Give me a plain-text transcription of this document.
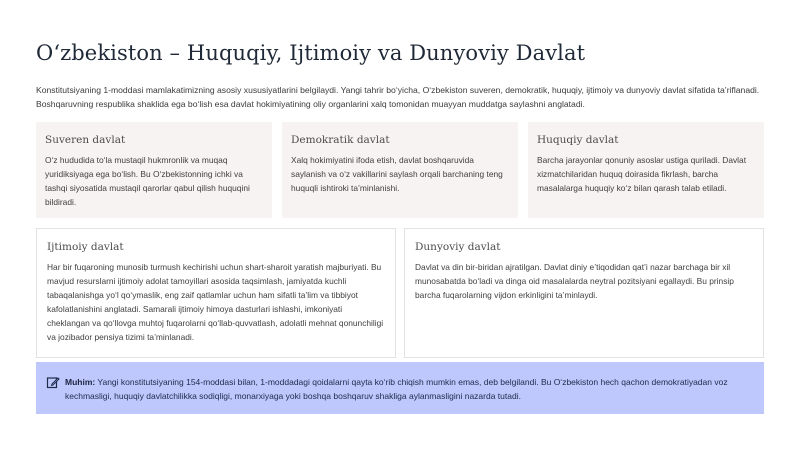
O‘zbekiston – Huquqiy, Ijtimoiy va Dunyoviy Davlat

Konstitutsiyaning 1-moddasi mamlakatimizning asosiy xususiyatlarini belgilaydi. Yangi tahrir bo‘yicha, O‘zbekiston suveren, demokratik, huquqiy, ijtimoiy va dunyoviy davlat sifatida ta’riflanadi. Boshqaruvning respublika shaklida ega bo‘lish esa davlat hokimiyatining oliy organlarini xalq tomonidan muayyan muddatga saylashni anglatadi.

Suveren davlat
O‘z hududida to‘la mustaqil hukmronlik va muqaq yuridiksiyaga ega bo‘lish. Bu O‘zbekistonning ichki va tashqi siyosatida mustaqil qarorlar qabul qilish huquqini bildiradi.
Demokratik davlat
Xalq hokimiyatini ifoda etish, davlat boshqaruvida saylanish va o‘z vakillarini saylash orqali barchaning teng huquqli ishtiroki ta’minlanishi.
Huquqiy davlat
Barcha jarayonlar qonuniy asoslar ustiga quriladi. Davlat xizmatchilaridan huquq doirasida fikrlash, barcha masalalarga huquqiy ko‘z bilan qarash talab etiladi.
Ijtimoiy davlat
Har bir fuqaroning munosib turmush kechirishi uchun shart-sharoit yaratish majburiyati. Bu mavjud resurslarni ijtimoiy adolat tamoyillari asosida taqsimlash, jamiyatda kuchli tabaqalanishga yo‘l qo‘ymaslik, eng zaif qatlamlar uchun ham sifatli ta’lim va tibbiyot kafolatlanishini anglatadi. Samarali ijtimoiy himoya dasturlari ishlashi, imkoniyati cheklangan va qo‘llovga muhtoj fuqarolarni qo‘llab-quvvatlash, adolatli mehnat qonunchiligi va jozibador pensiya tizimi ta’minlanadi.
Dunyoviy davlat
Davlat va din bir-biridan ajratilgan. Davlat diniy e’tiqodidan qat’i nazar barchaga bir xil munosabatda bo‘ladi va dinga oid masalalarda neytral pozitsiyani egallaydi. Bu prinsip barcha fuqarolarning vijdon erkinligini ta’minlaydi.

Muhim: Yangi konstitutsiyaning 154-moddasi bilan, 1-moddadagi qoidalarni qayta ko‘rib chiqish mumkin emas, deb belgilandi. Bu O‘zbekiston hech qachon demokratiyadan voz kechmasligi, huquqiy davlatchilikka sodiqligi, monarxiyaga yoki boshqa boshqaruv shakliga aylanmasligini nazarda tutadi.
